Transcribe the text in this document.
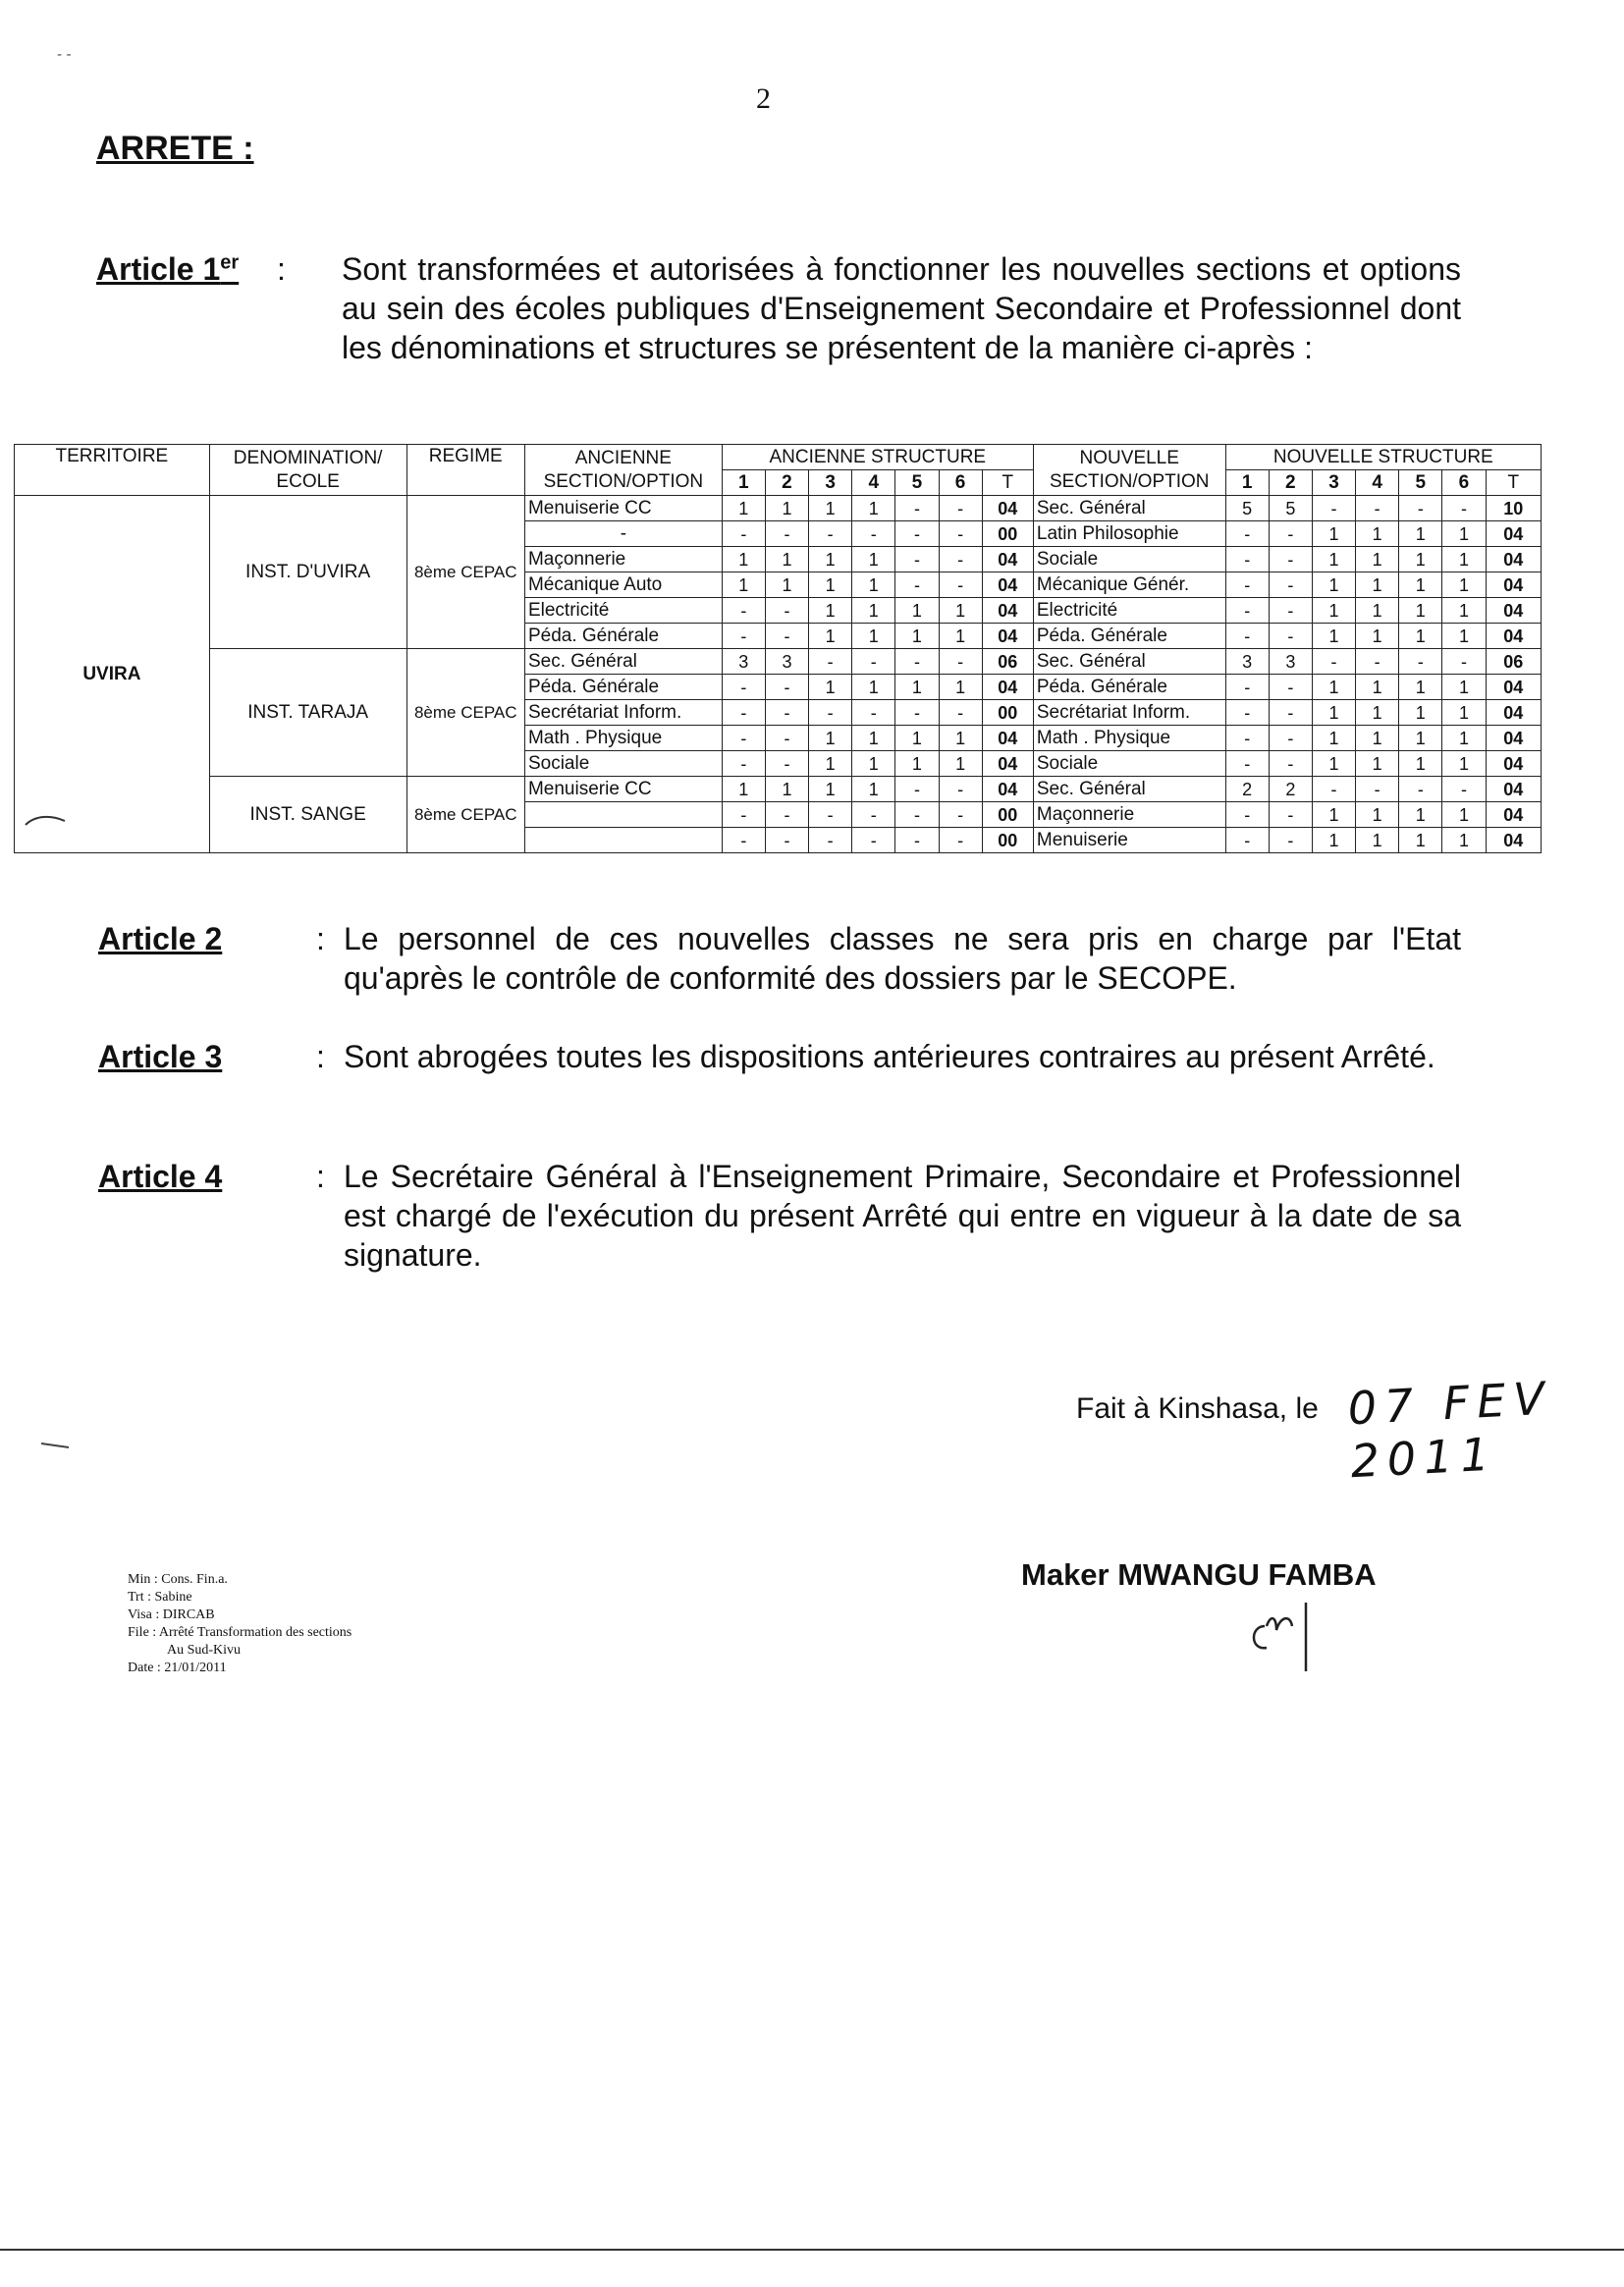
2
ARRETE :
Article 1er : Sont transformées et autorisées à fonctionner les nouvelles sections et options au sein des écoles publiques d'Enseignement Secondaire et Professionnel dont les dénominations et structures se présentent de la manière ci-après :
TERRITOIRE	DENOMINATION/ ECOLE	REGIME	ANCIENNE SECTION/OPTION	ANCIENNE STRUCTURE							NOUVELLE SECTION/OPTION	NOUVELLE STRUCTURE						
				1	2	3	4	5	6	T		1	2	3	4	5	6	T
UVIRA	INST. D'UVIRA	8ème CEPAC	Menuiserie CC	1	1	1	1	-	-	04	Sec. Général	5	5	-	-	-	-	10
			-	-	-	-	-	-	-	00	Latin Philosophie	-	-	1	1	1	1	04
			Maçonnerie	1	1	1	1	-	-	04	Sociale	-	-	1	1	1	1	04
			Mécanique Auto	1	1	1	1	-	-	04	Mécanique Génér.	-	-	1	1	1	1	04
			Electricité	-	-	1	1	1	1	04	Electricité	-	-	1	1	1	1	04
			Péda. Générale	-	-	1	1	1	1	04	Péda. Générale	-	-	1	1	1	1	04
	INST. TARAJA	8ème CEPAC	Sec. Général	3	3	-	-	-	-	06	Sec. Général	3	3	-	-	-	-	06
			Péda. Générale	-	-	1	1	1	1	04	Péda. Générale	-	-	1	1	1	1	04
			Secrétariat Inform.	-	-	-	-	-	-	00	Secrétariat Inform.	-	-	1	1	1	1	04
			Math . Physique	-	-	1	1	1	1	04	Math . Physique	-	-	1	1	1	1	04
			Sociale	-	-	1	1	1	1	04	Sociale	-	-	1	1	1	1	04
	INST. SANGE	8ème CEPAC	Menuiserie CC	1	1	1	1	-	-	04	Sec. Général	2	2	-	-	-	-	04
				-	-	-	-	-	-	00	Maçonnerie	-	-	1	1	1	1	04
				-	-	-	-	-	-	00	Menuiserie	-	-	1	1	1	1	04
Article 2	: Le personnel de ces nouvelles classes ne sera pris en charge par l'Etat qu'après le contrôle de conformité des dossiers par le SECOPE.
Article 3	: Sont abrogées toutes les dispositions antérieures contraires au présent Arrêté.
Article 4	: Le Secrétaire Général à l'Enseignement Primaire, Secondaire et Professionnel est chargé de l'exécution du présent Arrêté qui entre en vigueur à la date de sa signature.
Fait à Kinshasa, le 07 FEV 2011
Maker MWANGU FAMBA
- -
Min : Cons. Fin.a.
Trt : Sabine
Visa : DIRCAB
File : Arrêté Transformation des sections
Au Sud-Kivu
Date : 21/01/2011
